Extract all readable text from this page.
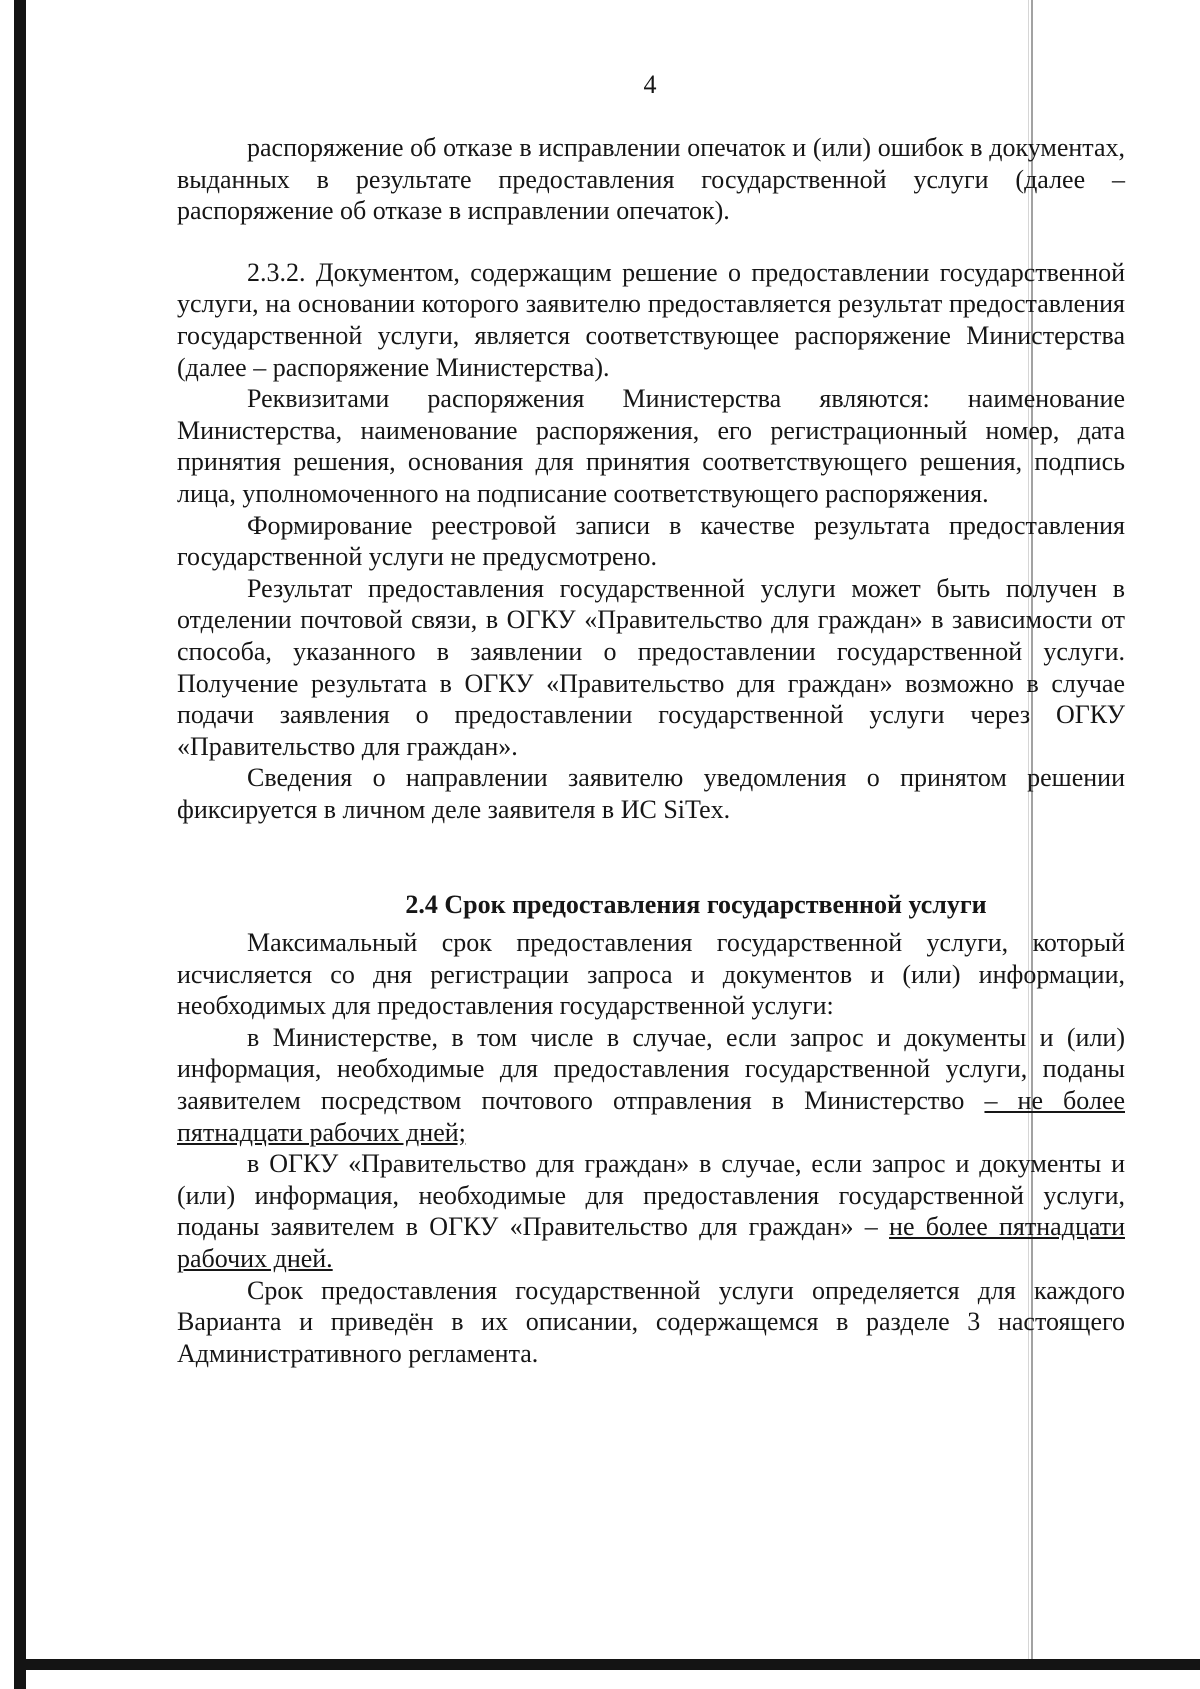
4

распоряжение об отказе в исправлении опечаток и (или) ошибок в документах, выданных в результате предоставления государственной услуги (далее – распоряжение об отказе в исправлении опечаток).

2.3.2. Документом, содержащим решение о предоставлении государственной услуги, на основании которого заявителю предоставляется результат предоставления государственной услуги, является соответствующее распоряжение Министерства (далее – распоряжение Министерства).

Реквизитами распоряжения Министерства являются: наименование Министерства, наименование распоряжения, его регистрационный номер, дата принятия решения, основания для принятия соответствующего решения, подпись лица, уполномоченного на подписание соответствующего распоряжения.

Формирование реестровой записи в качестве результата предоставления государственной услуги не предусмотрено.

Результат предоставления государственной услуги может быть получен в отделении почтовой связи, в ОГКУ «Правительство для граждан» в зависимости от способа, указанного в заявлении о предоставлении государственной услуги. Получение результата в ОГКУ «Правительство для граждан» возможно в случае подачи заявления о предоставлении государственной услуги через ОГКУ «Правительство для граждан».

Сведения о направлении заявителю уведомления о принятом решении фиксируется в личном деле заявителя в ИС SiTex.

2.4 Срок предоставления государственной услуги

Максимальный срок предоставления государственной услуги, который исчисляется со дня регистрации запроса и документов и (или) информации, необходимых для предоставления государственной услуги:

в Министерстве, в том числе в случае, если запрос и документы и (или) информация, необходимые для предоставления государственной услуги, поданы заявителем посредством почтового отправления в Министерство – не более пятнадцати рабочих дней;

в ОГКУ «Правительство для граждан» в случае, если запрос и документы и (или) информация, необходимые для предоставления государственной услуги, поданы заявителем в ОГКУ «Правительство для граждан» – не более пятнадцати рабочих дней.

Срок предоставления государственной услуги определяется для каждого Варианта и приведён в их описании, содержащемся в разделе 3 настоящего Административного регламента.
